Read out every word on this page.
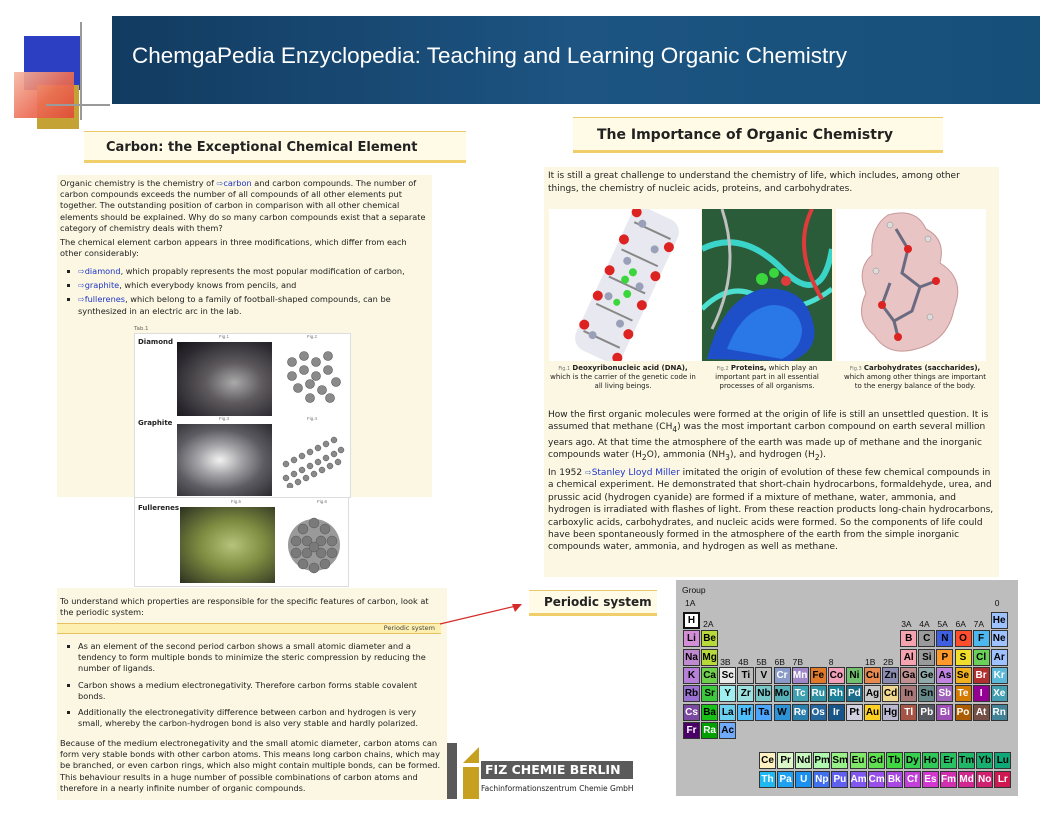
ChemgaPedia Enzyclopedia: Teaching and Learning Organic Chemistry
Carbon: the Exceptional Chemical Element
Organic chemistry is the chemistry of ⇨carbon and carbon compounds. The number of carbon compounds exceeds the number of all compounds of all other elements put together. The outstanding position of carbon in comparison with all other chemical elements should be explained. Why do so many carbon compounds exist that a separate category of chemistry deals with them?
The chemical element carbon appears in three modifications, which differ from each other considerably:
⇨diamond, which propably represents the most popular modification of carbon,
⇨graphite, which everybody knows from pencils, and
⇨fullerenes, which belong to a family of football-shaped compounds, can be synthesized in an electric arc in the lab.
Tab.1
Diamond
Graphite
Fig.1	Fig.2
Fig.3	Fig.4
Fullerenes
Fig.5	Fig.6
To understand which properties are responsible for the specific features of carbon, look at the periodic system:
Periodic system
As an element of the second period carbon shows a small atomic diameter and a tendency to form multiple bonds to minimize the steric compression by reducing the number of ligands.
Carbon shows a medium electronegativity. Therefore carbon forms stable covalent bonds.
Additionally the electronegativity difference between carbon and hydrogen is very small, whereby the carbon-hydrogen bond is also very stable and hardly polarized.
Because of the medium electronegativity and the small atomic diameter, carbon atoms can form very stable bonds with other carbon atoms. This means long carbon chains, which may be branched, or even carbon rings, which also might contain multiple bonds, can be formed. This behaviour results in a huge number of possible combinations of carbon atoms and therefore in a nearly infinite number of organic compounds.
The Importance of Organic Chemistry
It is still a great challenge to understand the chemistry of life, which includes, among other things, the chemistry of nucleic acids, proteins, and carbohydrates.
Fig.1 Deoxyribonucleic acid (DNA), which is the carrier of the genetic code in all living beings.
Fig.2 Proteins, which play an important part in all essential processes of all organisms.
Fig.3 Carbohydrates (saccharides), which among other things are important to the energy balance of the body.
How the first organic molecules were formed at the origin of life is still an unsettled question. It is assumed that methane $(CH_4)$ was the most important carbon compound on earth several million years ago. At that time the atmosphere of the earth was made up of methane and the inorganic compounds water $(H_2O)$, ammonia $(NH_3)$, and hydrogen $(H_2)$.
In 1952 ⇨Stanley Lloyd Miller imitated the origin of evolution of these few chemical compounds in a chemical experiment. He demonstrated that short-chain hydrocarbons, formaldehyde, urea, and prussic acid (hydrogen cyanide) are formed if a mixture of methane, water, ammonia, and hydrogen is irradiated with flashes of light. From these reaction products long-chain hydrocarbons, carboxylic acids, carbohydrates, and nucleic acids were formed. So the components of life could have been spontaneously formed in the atmosphere of the earth from the simple inorganic compounds water, ammonia, and hydrogen as well as methane.
Periodic system
FIZ CHEMIE BERLIN
Fachinformationszentrum Chemie GmbH
Group
1A	0
2A	3A 4A 5A 6A 7A
3B 4B 5B 6B 7B	8	1B 2B
H	He
Li Be	B	C	N	O	F Ne
Na Mg	Al Si	P	S Cl Ar
K Ca Sc Ti	V Cr Mn Fe Co Ni Cu Zn Ga Ge As Se Br Kr
Rb Sr Y Zr Nb Mo Tc Ru Rh Pd Ag Cd In Sn Sb Te	I	Xe
Cs Ba La Hf Ta W Re Os Ir Pt Au Hg Tl Pb Bi Po At Rn
Fr Ra Ac
Ce Pr Nd Pm Sm Eu Gd Tb Dy Ho Er Tm Yb Lu
Th Pa U Np Pu Am Cm Bk Cf Es Fm Md No Lr
